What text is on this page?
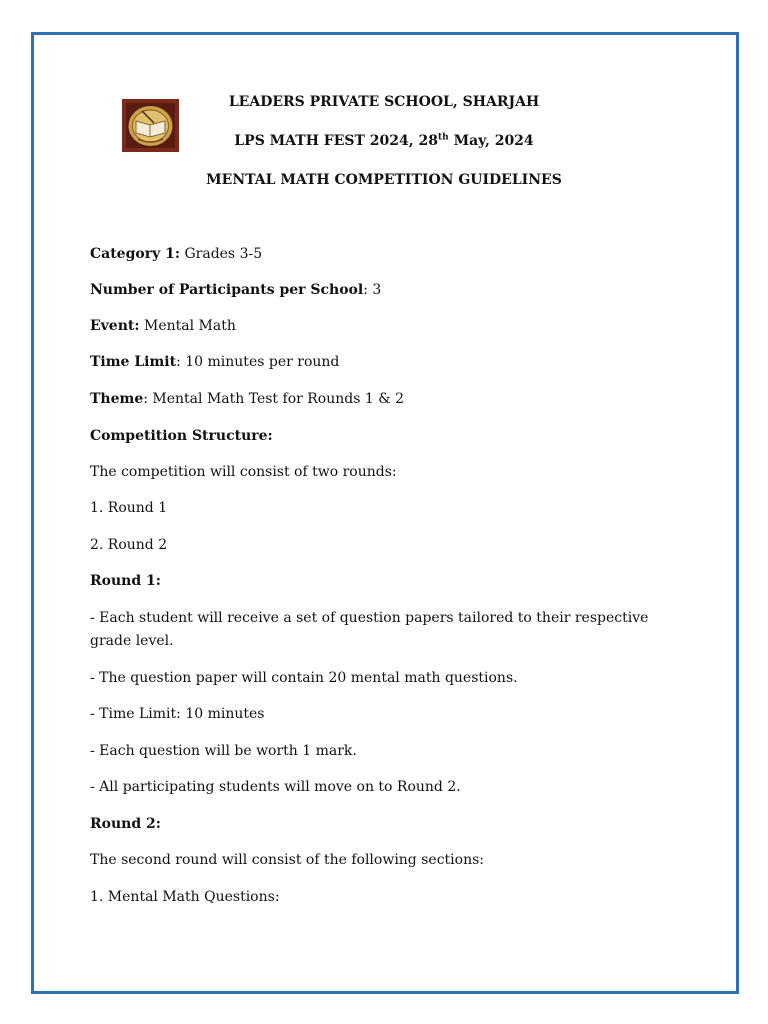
LEADERS PRIVATE SCHOOL, SHARJAH
LPS MATH FEST 2024, 28th May, 2024
MENTAL MATH COMPETITION GUIDELINES
Category 1: Grades 3-5
Number of Participants per School: 3
Event: Mental Math
Time Limit: 10 minutes per round
Theme: Mental Math Test for Rounds 1 & 2
Competition Structure:
The competition will consist of two rounds:
1. Round 1
2. Round 2
Round 1:
- Each student will receive a set of question papers tailored to their respective grade level.
- The question paper will contain 20 mental math questions.
- Time Limit: 10 minutes
- Each question will be worth 1 mark.
- All participating students will move on to Round 2.
Round 2:
The second round will consist of the following sections:
1. Mental Math Questions:
